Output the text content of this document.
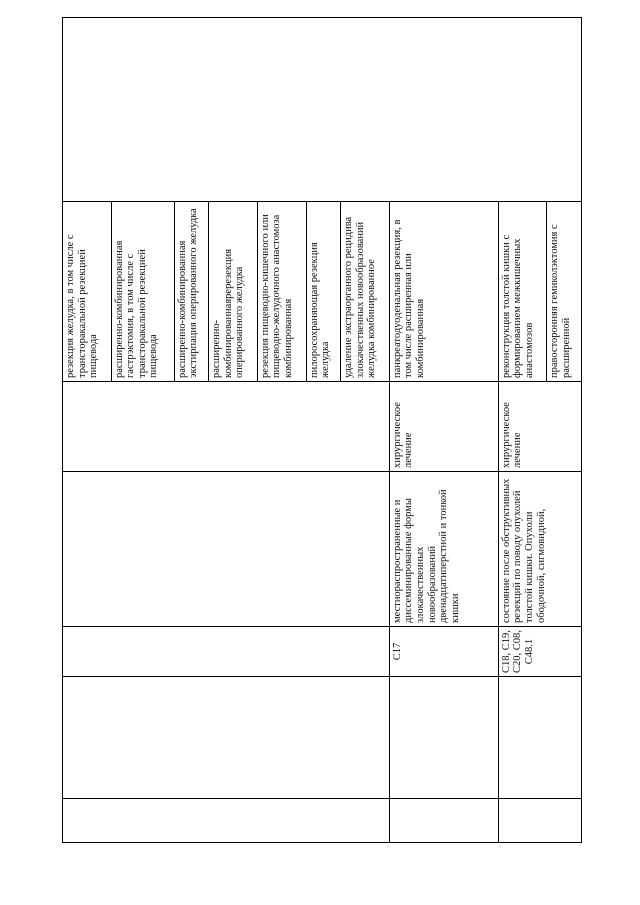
					резекция желудка, в том числе с трансторакальной резекцией пищевода	

					расширенно-комбинированная гастрэктомия, в том числе с трансторакальной резекцией пищевода	

					расширенно-комбинированная экстирпация оперированного желудка	

					расширенно-комбинированнаяререзекция оперированного желудка	

					резекция пищеводно-кишечного или пищеводно-желудочного анастомоза комбинированная	

					пилоросохраняющая резекция желудка	

					удаление экстраорганного рецидива злокачественных новообразований желудка комбинированное	

		C17	местнораспространенные и диссеминированные формы злокачественных новообразований двенадцатиперстной и тонкой кишки	хирургическое лечение	панкреатодуоденальная резекция, в том числе расширенная или комбинированная	

		C18, C19, C20, C08, C48.1	состояние после обструктивных резекций по поводу опухолей толстой кишки. Опухоли ободочной, сигмовидной,	хирургическое лечение	реконструкция толстой кишки с формированием межкишечных анастомозов	

					правосторонняя гемиколэктомия с расширенной	
